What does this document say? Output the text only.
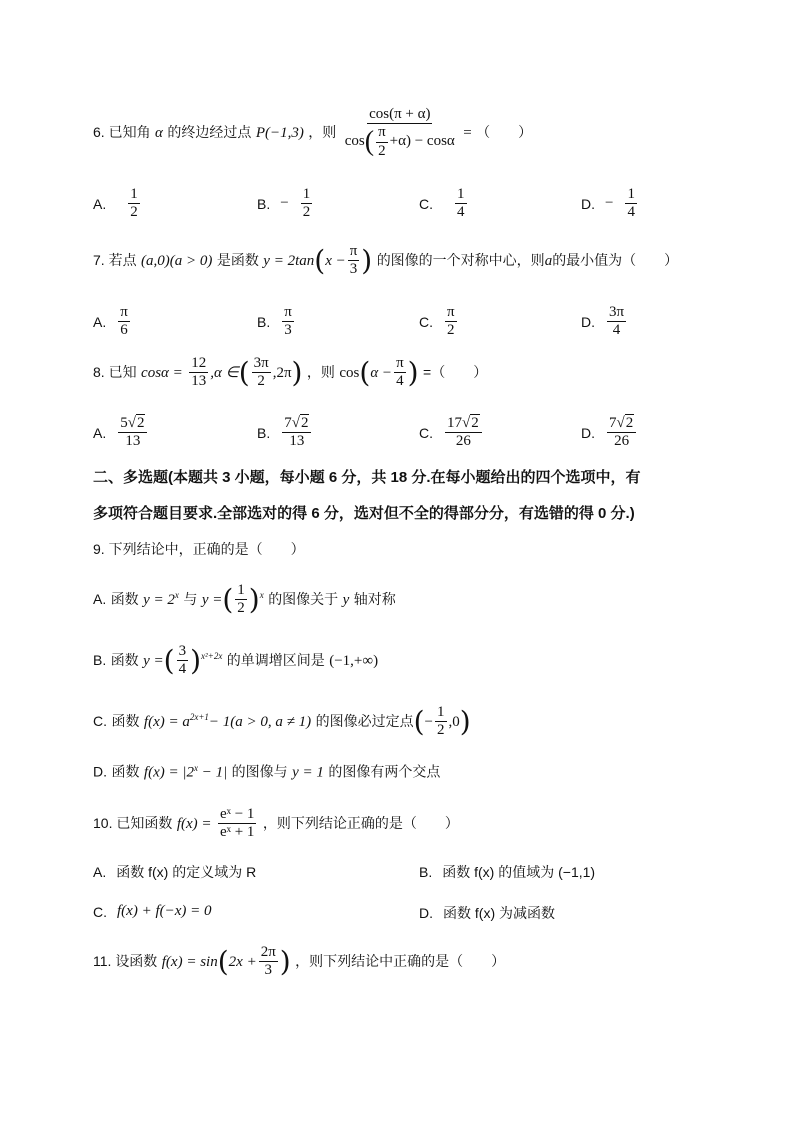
6. 已知角 α 的终边经过点 P(−1,3) ，则 $\frac{\cos(\pi + \alpha)}{\cos( \frac{\pi}{2} +\alpha) - \cos\alpha}$ = （　　）
A. $\frac{1}{2}$	B. − $\frac{1}{2}$	C. $\frac{1}{4}$	D. − $\frac{1}{4}$
7. 若点 (a,0)(a > 0) 是函数 $y = 2\tan(x - \frac{\pi}{3}$ ) 的图像的一个对称中心，则a的最小值为（　　）
A. $\frac{\pi}{6}$	B. $\frac{\pi}{3}$	C. $\frac{\pi}{2}$	D. $\frac{3\pi}{4}$
8. 已知 $\cos\alpha = \frac{12}{13} ,\alpha$ ∈( $\frac{3\pi}{2} ,2\pi$) ，则 $\cos(\alpha - \frac{\pi}{4}$ ) =（　　）
A. $\frac{5√2}{13}$	B. $\frac{7√2}{13}$	C. $\frac{17√2}{26}$	D. $\frac{7√2}{26}$
二、多选题(本题共 3 小题，每小题 6 分，共 18 分.在每小题给出的四个选项中，有
多项符合题目要求.全部选对的得 6 分，选对但不全的得部分分，有选错的得 0 分.)
9. 下列结论中，正确的是（　　）
A. 函数 $y = 2^x$ 与 y =( $\frac{1}{2} )^x$ 的图像关于 y 轴对称
B. 函数 y =( $\frac{3}{4} )^{x^2+2x}$ 的单调增区间是 (−1,+∞)
C. 函数 $f(x) = a^{2x+1}- 1(a > 0$, a ≠ 1) 的图像必过定点(− $\frac{1}{2} ,0$)
D. 函数 $f(x) = |2^x - 1|$ 的图像与 y = 1 的图像有两个交点
10. 已知函数 $f(x) = \frac{\text{eˣ − 1}}{\text{eˣ + 1}}$ ，则下列结论正确的是（　　）
A. 函数 f(x) 的定义域为 R	B. 函数 f(x) 的值域为 (−1,1)
C. f(x) + f(−x) = 0	D. 函数 f(x) 为减函数
11. 设函数 $f(x) = \sin(2x + \frac{2\pi}{3}$ ) ，则下列结论中正确的是（　　）
